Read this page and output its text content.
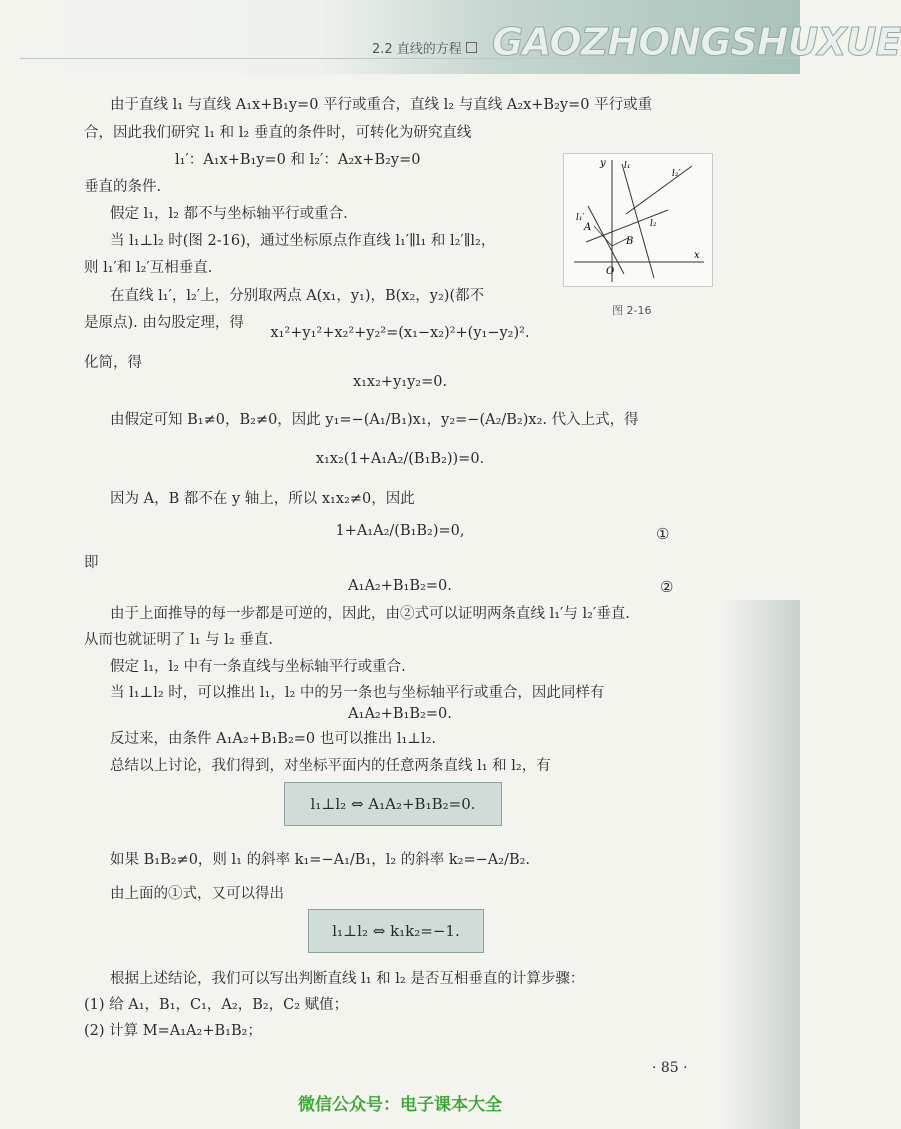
2.2 直线的方程 GAOZHONGSHUXUE
由于直线 l₁ 与直线 A₁x+B₁y=0 平行或重合，直线 l₂ 与直线 A₂x+B₂y=0 平行或重
合，因此我们研究 l₁ 和 l₂ 垂直的条件时，可转化为研究直线
l₁′：A₁x+B₁y=0 和 l₂′：A₂x+B₂y=0
垂直的条件.
假定 l₁，l₂ 都不与坐标轴平行或重合.
当 l₁⊥l₂ 时(图 2-16)，通过坐标原点作直线 l₁′∥l₁ 和 l₂′∥l₂，
则 l₁′和 l₂′互相垂直.
在直线 l₁′，l₂′上，分别取两点 A(x₁，y₁)，B(x₂，y₂)(都不
是原点). 由勾股定理，得
y
x
O
A
B
l₁
l₂
l₁′
l₂′
图 2-16
x₁²+y₁²+x₂²+y₂²=(x₁−x₂)²+(y₁−y₂)².
化简，得
x₁x₂+y₁y₂=0.
由假定可知 B₁≠0，B₂≠0，因此 y₁=−(A₁/B₁)x₁，y₂=−(A₂/B₂)x₂. 代入上式，得
x₁x₂(1+A₁A₂/(B₁B₂))=0.
因为 A，B 都不在 y 轴上，所以 x₁x₂≠0，因此
1+A₁A₂/(B₁B₂)=0,	①
即
A₁A₂+B₁B₂=0.	②
由于上面推导的每一步都是可逆的，因此，由②式可以证明两条直线 l₁′与 l₂′垂直.
从而也就证明了 l₁ 与 l₂ 垂直.
假定 l₁，l₂ 中有一条直线与坐标轴平行或重合.
当 l₁⊥l₂ 时，可以推出 l₁，l₂ 中的另一条也与坐标轴平行或重合，因此同样有
A₁A₂+B₁B₂=0.
反过来，由条件 A₁A₂+B₁B₂=0 也可以推出 l₁⊥l₂.
总结以上讨论，我们得到，对坐标平面内的任意两条直线 l₁ 和 l₂，有
l₁⊥l₂ ⇔ A₁A₂+B₁B₂=0.
如果 B₁B₂≠0，则 l₁ 的斜率 k₁=−A₁/B₁，l₂ 的斜率 k₂=−A₂/B₂.
由上面的①式，又可以得出
l₁⊥l₂ ⇔ k₁k₂=−1.
根据上述结论，我们可以写出判断直线 l₁ 和 l₂ 是否互相垂直的计算步骤：
(1) 给 A₁，B₁，C₁，A₂，B₂，C₂ 赋值；
(2) 计算 M=A₁A₂+B₁B₂；
· 85 ·
微信公众号：电子课本大全
